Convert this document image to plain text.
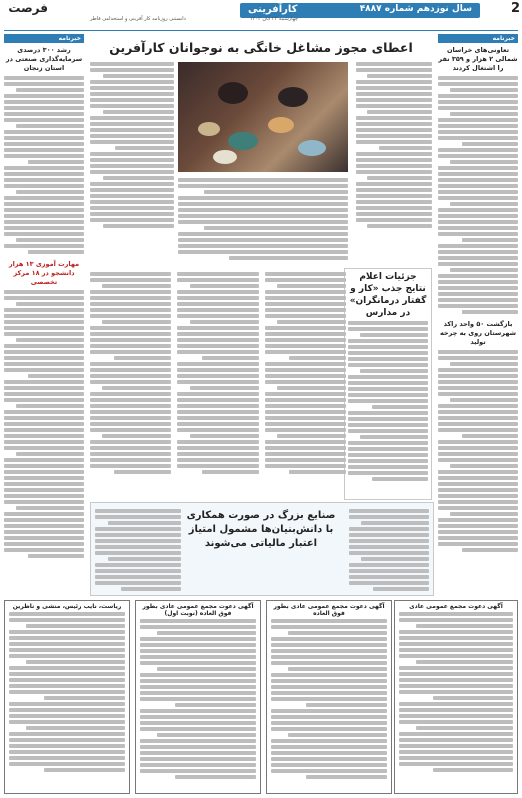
2
سال نوزدهم شماره ۴۸۸۷
کارآفرینی
چهارشنبه ۲۴ آبان ۱۴۰۲
دانستنی روزنامه کار آفرینی و استخدامی فاطر
فرصت
خبرنامه
تعاونی‌های خراسان شمالی ۲ هزار و ۳۵۹ نفر را اشتغال کردند
بازگشت ۵۰ واحد راکد شهرستان روی به چرخه تولید
خبرنامه
رشد ۳۰۰ درصدی سرمایه‌گذاری صنعتی در استان زنجان
مهارت آموزی ۱۳ هزار دانشجو در ۱۸ مرکز تخصصی
اعطای مجوز مشاغل خانگی به نوجوانان کارآفرین
جزئیات اعلام نتایج جذب «کار و گفتار درمانگران» در مدارس
صنایع بزرگ در صورت همکاری با دانش‌بنیان‌ها مشمول امتیاز اعتبار مالیاتی می‌شوند
آگهی دعوت مجمع عمومی عادی
آگهی دعوت مجمع عمومی عادی بطور فوق العاده
آگهی دعوت مجمع عمومی عادی بطور فوق العاده (نوبت اول)
ریاست، نایب رئیس، منشی و ناظرین
